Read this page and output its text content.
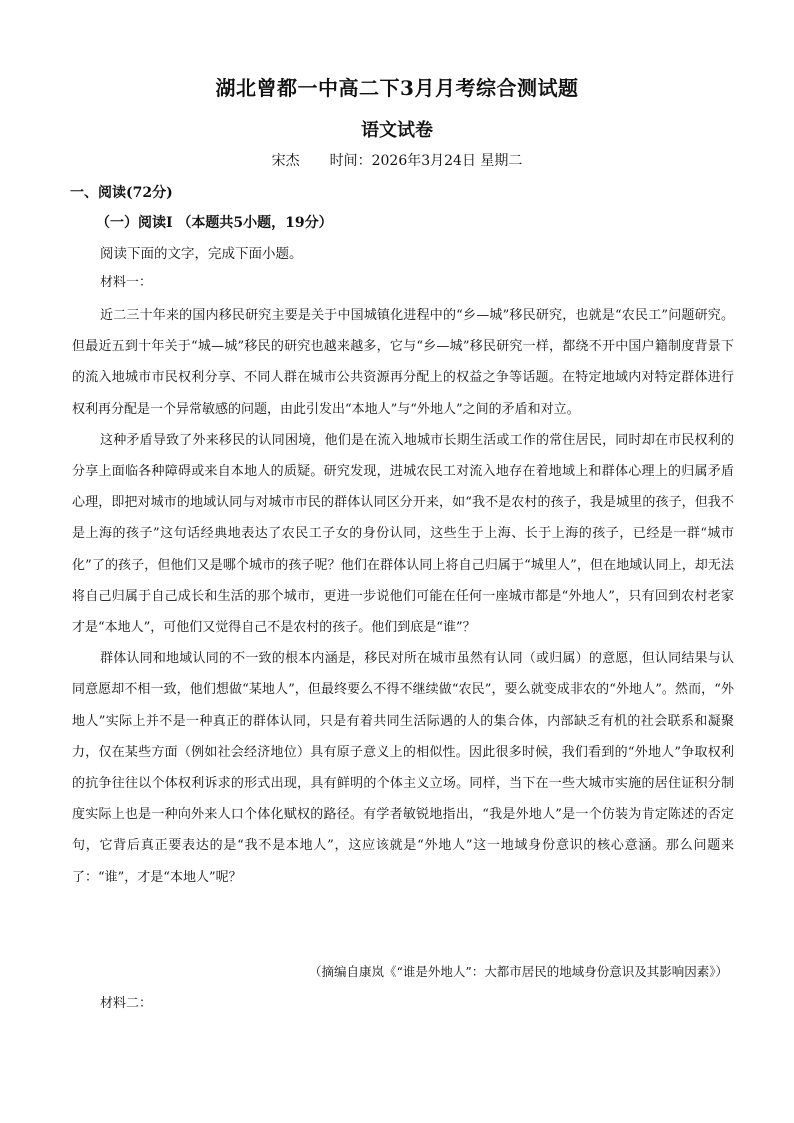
湖北曾都一中高二下3月月考综合测试题
语文试卷
宋杰 时间：2026年3月24日 星期二
一、阅读(72分)
（一）阅读Ⅰ （本题共5小题，19分）
阅读下面的文字，完成下面小题。
材料一：

近二三十年来的国内移民研究主要是关于中国城镇化进程中的“乡—城”移民研究，也就是“农民工”问题研究。但最近五到十年关于“城—城”移民的研究也越来越多，它与“乡—城”移民研究一样，都绕不开中国户籍制度背景下的流入地城市市民权利分享、不同人群在城市公共资源再分配上的权益之争等话题。在特定地域内对特定群体进行权利再分配是一个异常敏感的问题，由此引发出“本地人”与“外地人”之间的矛盾和对立。

这种矛盾导致了外来移民的认同困境，他们是在流入地城市长期生活或工作的常住居民，同时却在市民权利的分享上面临各种障碍或来自本地人的质疑。研究发现，进城农民工对流入地存在着地域上和群体心理上的归属矛盾心理，即把对城市的地域认同与对城市市民的群体认同区分开来，如“我不是农村的孩子，我是城里的孩子，但我不是上海的孩子”这句话经典地表达了农民工子女的身份认同，这些生于上海、长于上海的孩子，已经是一群“城市化”了的孩子，但他们又是哪个城市的孩子呢？他们在群体认同上将自己归属于“城里人”，但在地域认同上，却无法将自己归属于自己成长和生活的那个城市，更进一步说他们可能在任何一座城市都是“外地人”，只有回到农村老家才是“本地人”，可他们又觉得自己不是农村的孩子。他们到底是“谁”？

群体认同和地域认同的不一致的根本内涵是，移民对所在城市虽然有认同（或归属）的意愿，但认同结果与认同意愿却不相一致，他们想做“某地人”，但最终要么不得不继续做“农民”，要么就变成非农的“外地人”。然而，“外地人”实际上并不是一种真正的群体认同，只是有着共同生活际遇的人的集合体，内部缺乏有机的社会联系和凝聚力，仅在某些方面（例如社会经济地位）具有原子意义上的相似性。因此很多时候，我们看到的“外地人”争取权利的抗争往往以个体权利诉求的形式出现，具有鲜明的个体主义立场。同样，当下在一些大城市实施的居住证积分制度实际上也是一种向外来人口个体化赋权的路径。有学者敏锐地指出，“我是外地人”是一个仿装为肯定陈述的否定句，它背后真正要表达的是“我不是本地人”，这应该就是“外地人”这一地域身份意识的核心意涵。那么问题来了：“谁”，才是“本地人”呢？

（摘编自康岚《“谁是外地人”：大都市居民的地域身份意识及其影响因素》）
材料二：
